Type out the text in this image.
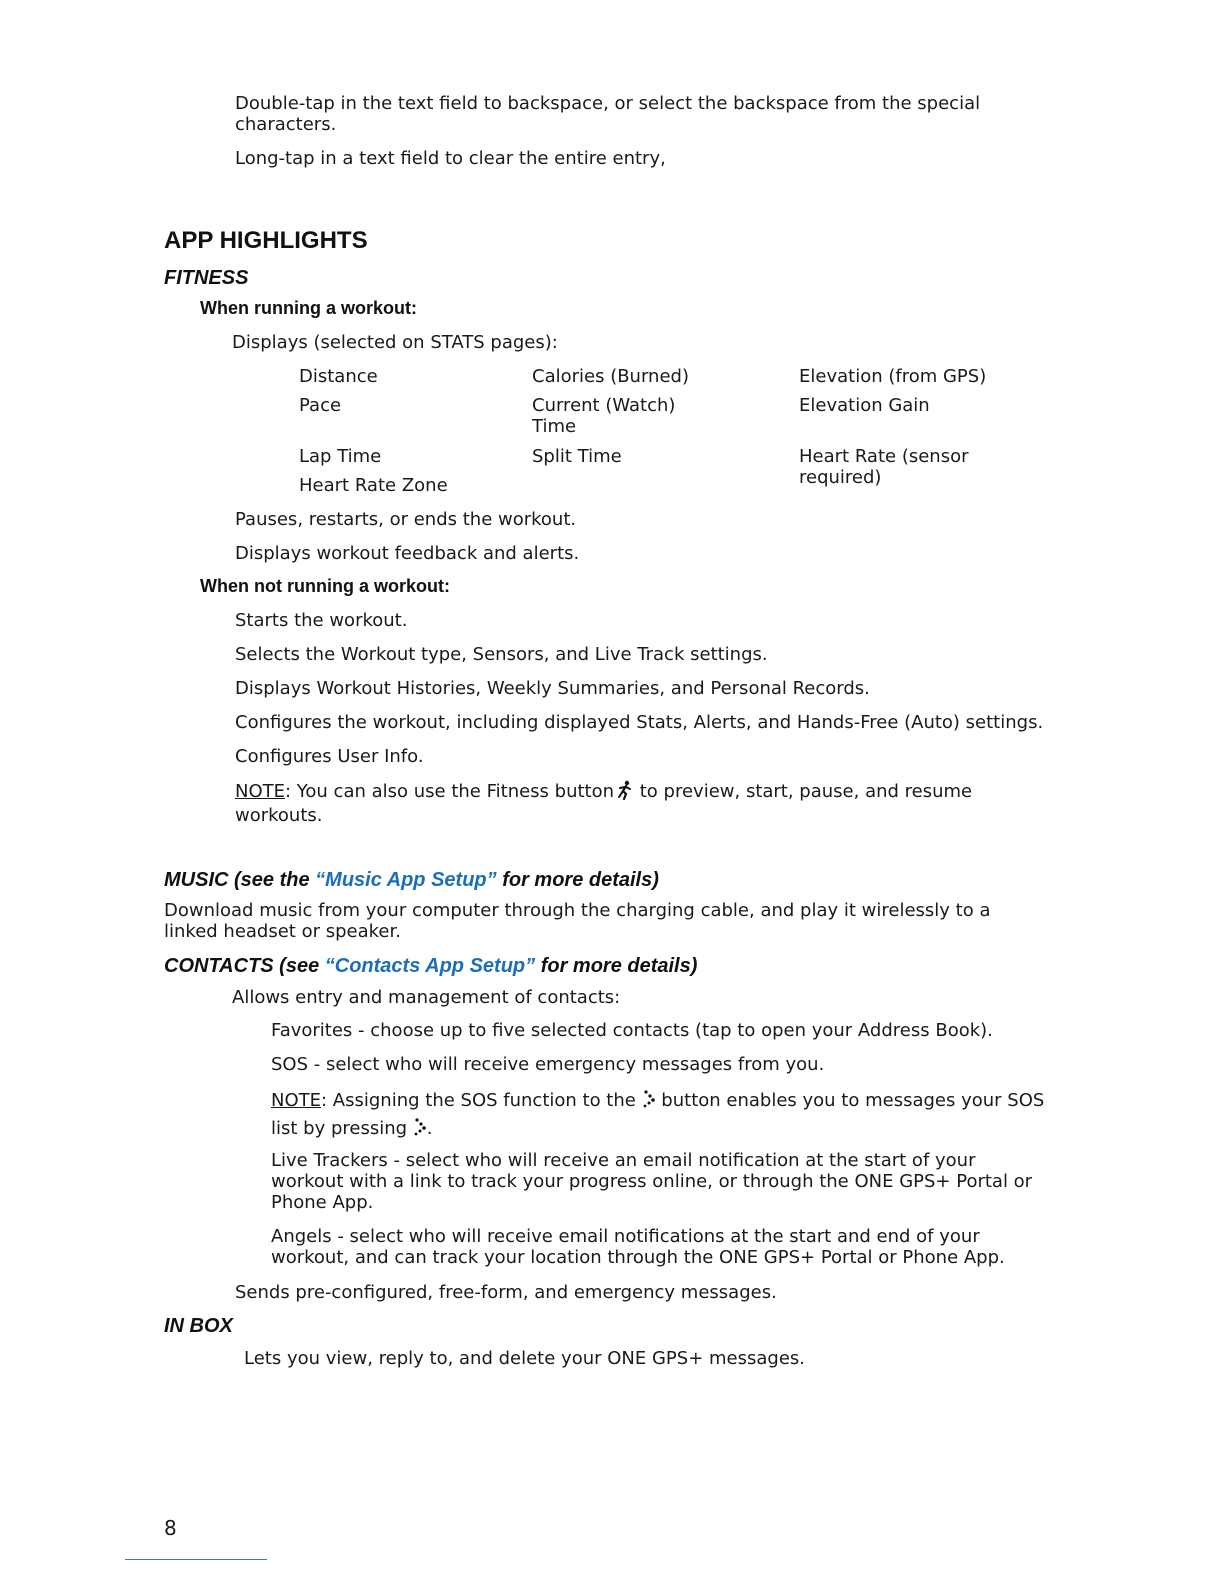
Double-tap in the text field to backspace, or select the backspace from the special characters.

Long-tap in a text field to clear the entire entry,

APP HIGHLIGHTS
FITNESS
When running a workout:
Displays (selected on STATS pages):
Distance
Pace
Lap Time
Heart Rate Zone
Calories (Burned)
Current (Watch) Time
Split Time
Elevation (from GPS)
Elevation Gain
Heart Rate (sensor required)
Pauses, restarts, or ends the workout.
Displays workout feedback and alerts.
When not running a workout:
Starts the workout.
Selects the Workout type, Sensors, and Live Track settings.
Displays Workout Histories, Weekly Summaries, and Personal Records.
Configures the workout, including displayed Stats, Alerts, and Hands-Free (Auto) settings.
Configures User Info.

NOTE: You can also use the Fitness button to preview, start, pause, and resume workouts.

MUSIC (see the “Music App Setup” for more details)

Download music from your computer through the charging cable, and play it wirelessly to a linked headset or speaker.

CONTACTS (see “Contacts App Setup” for more details)
Allows entry and management of contacts:
Favorites - choose up to five selected contacts (tap to open your Address Book).
SOS - select who will receive emergency messages from you.

NOTE: Assigning the SOS function to the  button enables you to messages your SOS list by pressing .

Live Trackers - select who will receive an email notification at the start of your workout with a link to track your progress online, or through the ONE GPS+ Portal or Phone App.

Angels - select who will receive email notifications at the start and end of your workout, and can track your location through the ONE GPS+ Portal or Phone App.

Sends pre-configured, free-form, and emergency messages.
IN BOX
Lets you view, reply to, and delete your ONE GPS+ messages.
8
